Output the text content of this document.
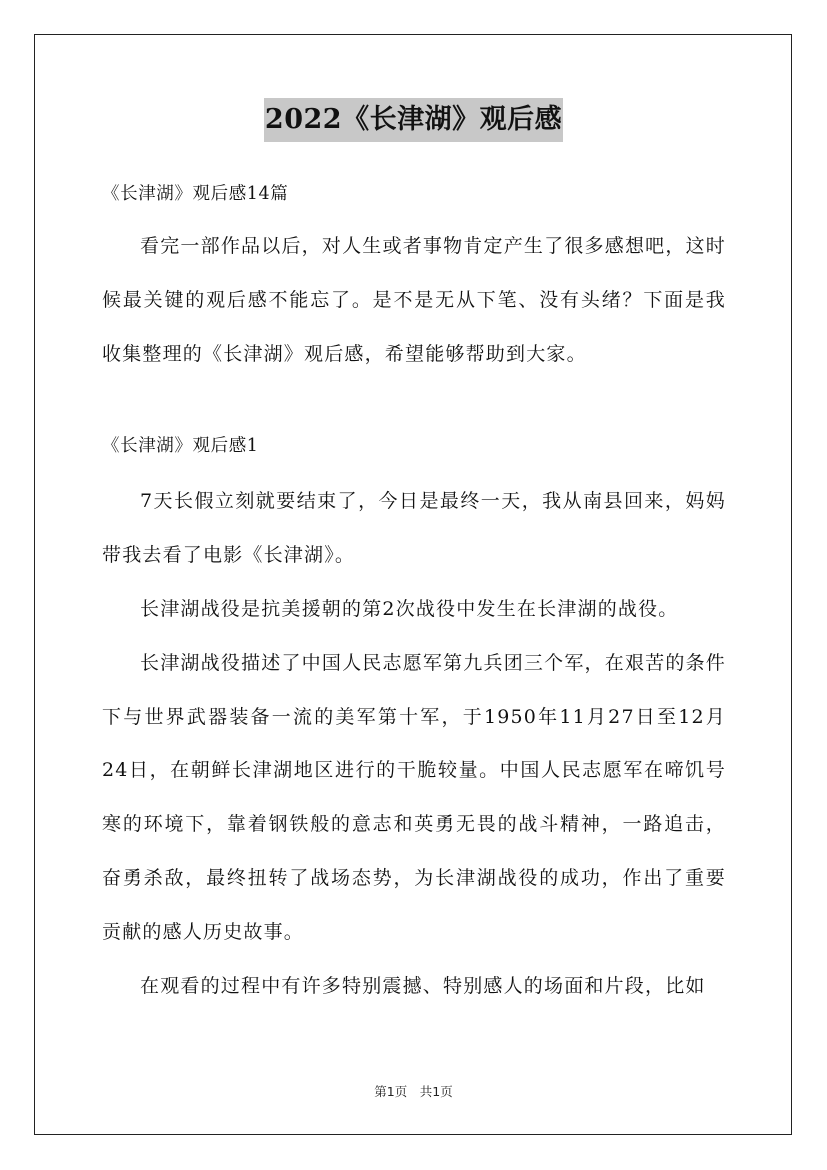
2022《长津湖》观后感

《长津湖》观后感14篇

看完一部作品以后，对人生或者事物肯定产生了很多感想吧，这时候最关键的观后感不能忘了。是不是无从下笔、没有头绪？下面是我收集整理的《长津湖》观后感，希望能够帮助到大家。

《长津湖》观后感1

7天长假立刻就要结束了，今日是最终一天，我从南县回来，妈妈带我去看了电影《长津湖》。

长津湖战役是抗美援朝的第2次战役中发生在长津湖的战役。

长津湖战役描述了中国人民志愿军第九兵团三个军，在艰苦的条件下与世界武器装备一流的美军第十军，于1950年11月27日至12月24日，在朝鲜长津湖地区进行的干脆较量。中国人民志愿军在啼饥号寒的环境下，靠着钢铁般的意志和英勇无畏的战斗精神，一路追击，奋勇杀敌，最终扭转了战场态势，为长津湖战役的成功，作出了重要贡献的感人历史故事。

在观看的过程中有许多特别震撼、特别感人的场面和片段，比如

第1页　共1页
